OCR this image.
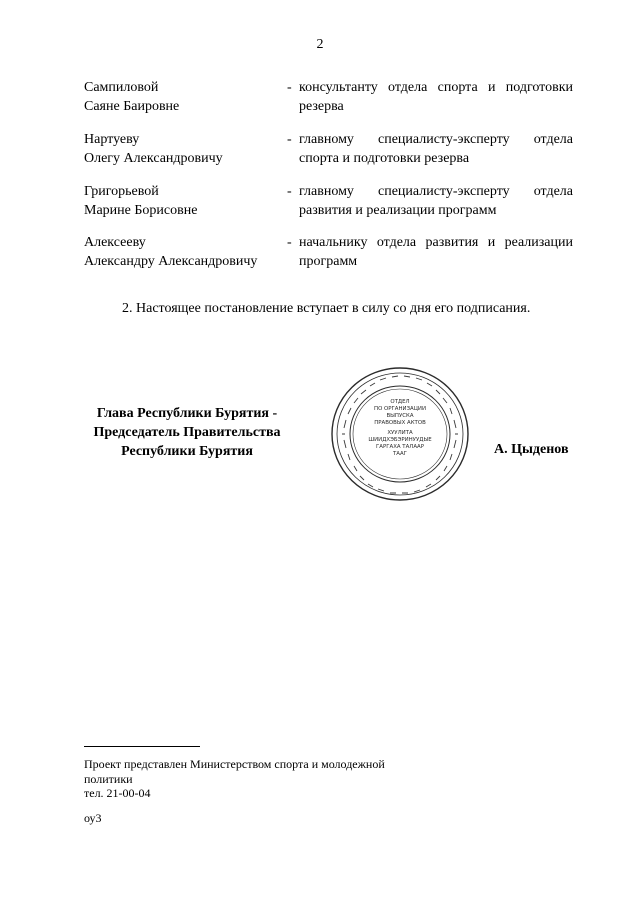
2
Сампиловой
Саяне Баировне
- консультанту отдела спорта и подготовки
резерва
Нартуеву
Олегу Александровичу
- главному специалисту-эксперту отдела
спорта и подготовки резерва
Григорьевой
Марине Борисовне
- главному специалисту-эксперту отдела
развития и реализации программ
Алексееву
Александру Александровичу
- начальнику отдела развития и реализации
программ
2. Настоящее постановление вступает в силу со дня его подписания.
Глава Республики Бурятия -
Председатель Правительства
Республики Бурятия
ОТДЕЛ
ПО ОРГАНИЗАЦИИ
ВЫПУСКА
ПРАВОВЫХ АКТОВ
ХУУЛИТА
ШИИДХЭБЭРИНУУДЫЕ
ГАРГАХА ТАЛААР
ТААГ	А. Цыденов
Проект представлен Министерством спорта и молодежной
политики
тел. 21-00-04
оу3
